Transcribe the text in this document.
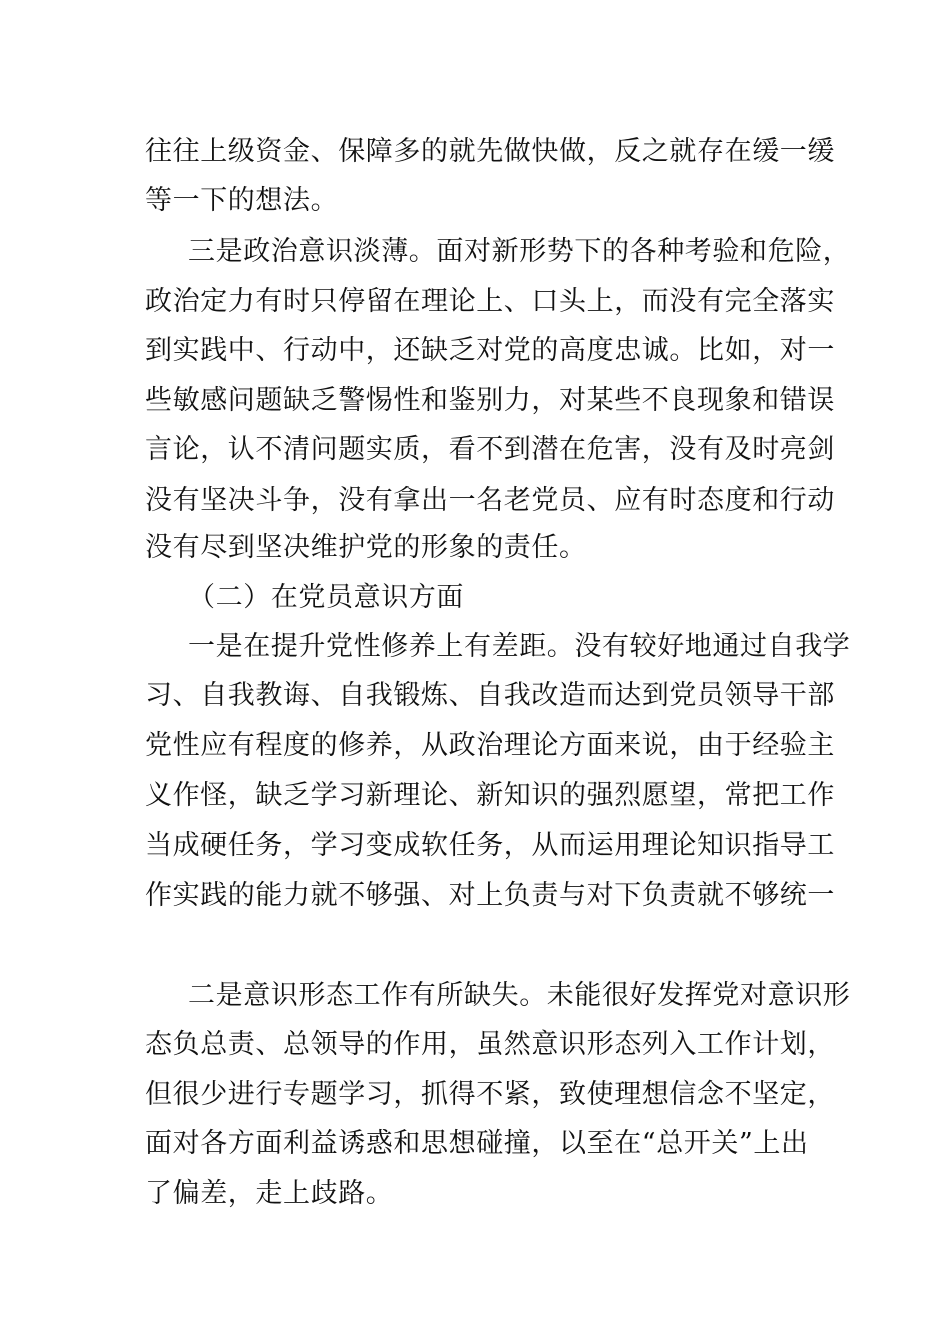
往往上级资金、保障多的就先做快做，反之就存在缓一缓
等一下的想法。
三是政治意识淡薄。面对新形势下的各种考验和危险，
政治定力有时只停留在理论上、口头上，而没有完全落实
到实践中、行动中，还缺乏对党的高度忠诚。比如，对一
些敏感问题缺乏警惕性和鉴别力，对某些不良现象和错误
言论，认不清问题实质，看不到潜在危害，没有及时亮剑
没有坚决斗争，没有拿出一名老党员、应有时态度和行动
没有尽到坚决维护党的形象的责任。
（二）在党员意识方面
一是在提升党性修养上有差距。没有较好地通过自我学
习、自我教诲、自我锻炼、自我改造而达到党员领导干部
党性应有程度的修养，从政治理论方面来说，由于经验主
义作怪，缺乏学习新理论、新知识的强烈愿望，常把工作
当成硬任务，学习变成软任务，从而运用理论知识指导工
作实践的能力就不够强、对上负责与对下负责就不够统一
二是意识形态工作有所缺失。未能很好发挥党对意识形
态负总责、总领导的作用，虽然意识形态列入工作计划，
但很少进行专题学习，抓得不紧，致使理想信念不坚定，
面对各方面利益诱惑和思想碰撞，以至在“总开关”上出
了偏差，走上歧路。
